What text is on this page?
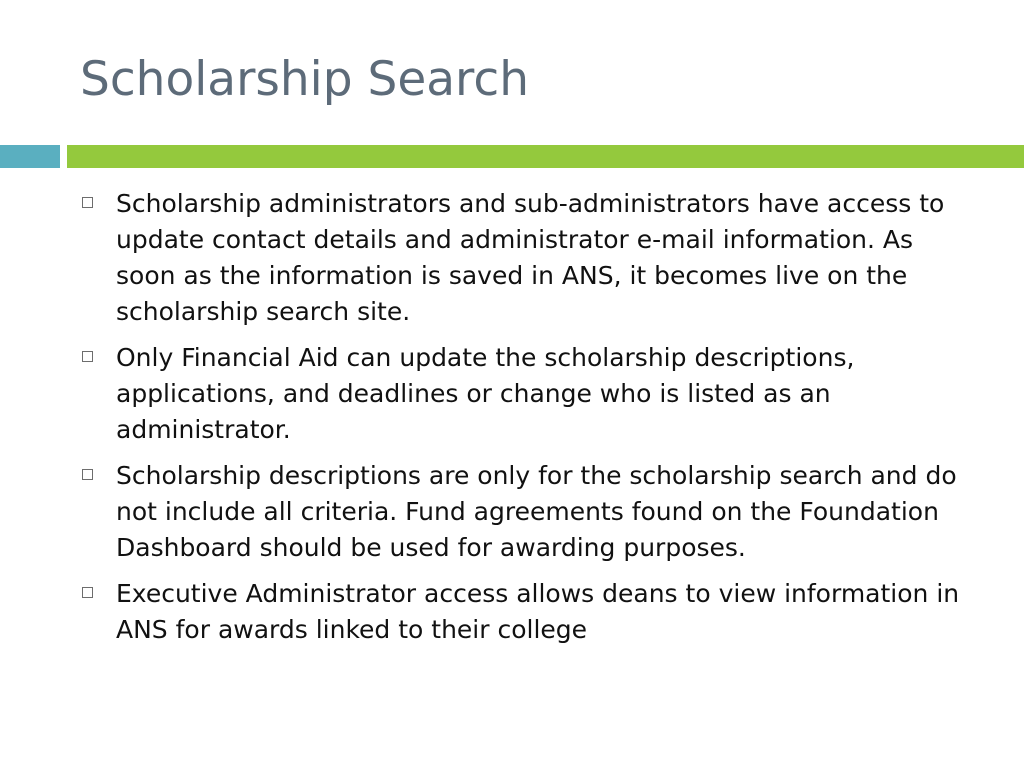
Scholarship Search
Scholarship administrators and sub-administrators have access to update contact details and administrator e-mail information. As soon as the information is saved in ANS, it becomes live on the scholarship search site.
Only Financial Aid can update the scholarship descriptions, applications, and deadlines or change who is listed as an administrator.
Scholarship descriptions are only for the scholarship search and do not include all criteria. Fund agreements found on the Foundation Dashboard should be used for awarding purposes.
Executive Administrator access allows deans to view information in ANS for awards linked to their college
